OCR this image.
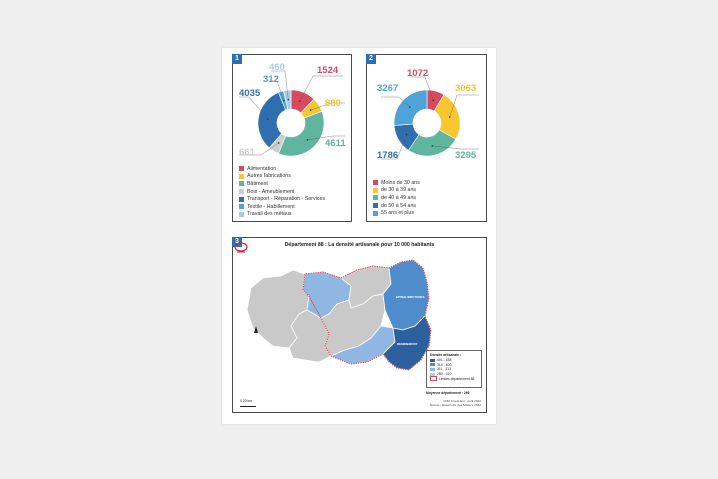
1
Alimentation
Autres fabrications
Bâtiment
Bois - Ameublement
Transport - Réparation - Services
Textile - Habillement
Travail des métaux
1524
880
4611
661
4035
312
460
2
Moins de 30 ans
de 30 à 39 ans
de 40 à 49 ans
de 50 à 54 ans
55 ans et plus
1072
3063
3295
1786
3267
3	Département 88 : La densité artisanale pour 10 000 habitants
EPINAL/BRUYERES
REMIREMONT
Densité artisanale :
401 - 438
314 - 400
311 - 313
280 - 310
Limites département 88
Moyenne département : 266
0 20 km	CMA Grand Est - Avril 2022
Source : Répertoire des Métiers 2022
